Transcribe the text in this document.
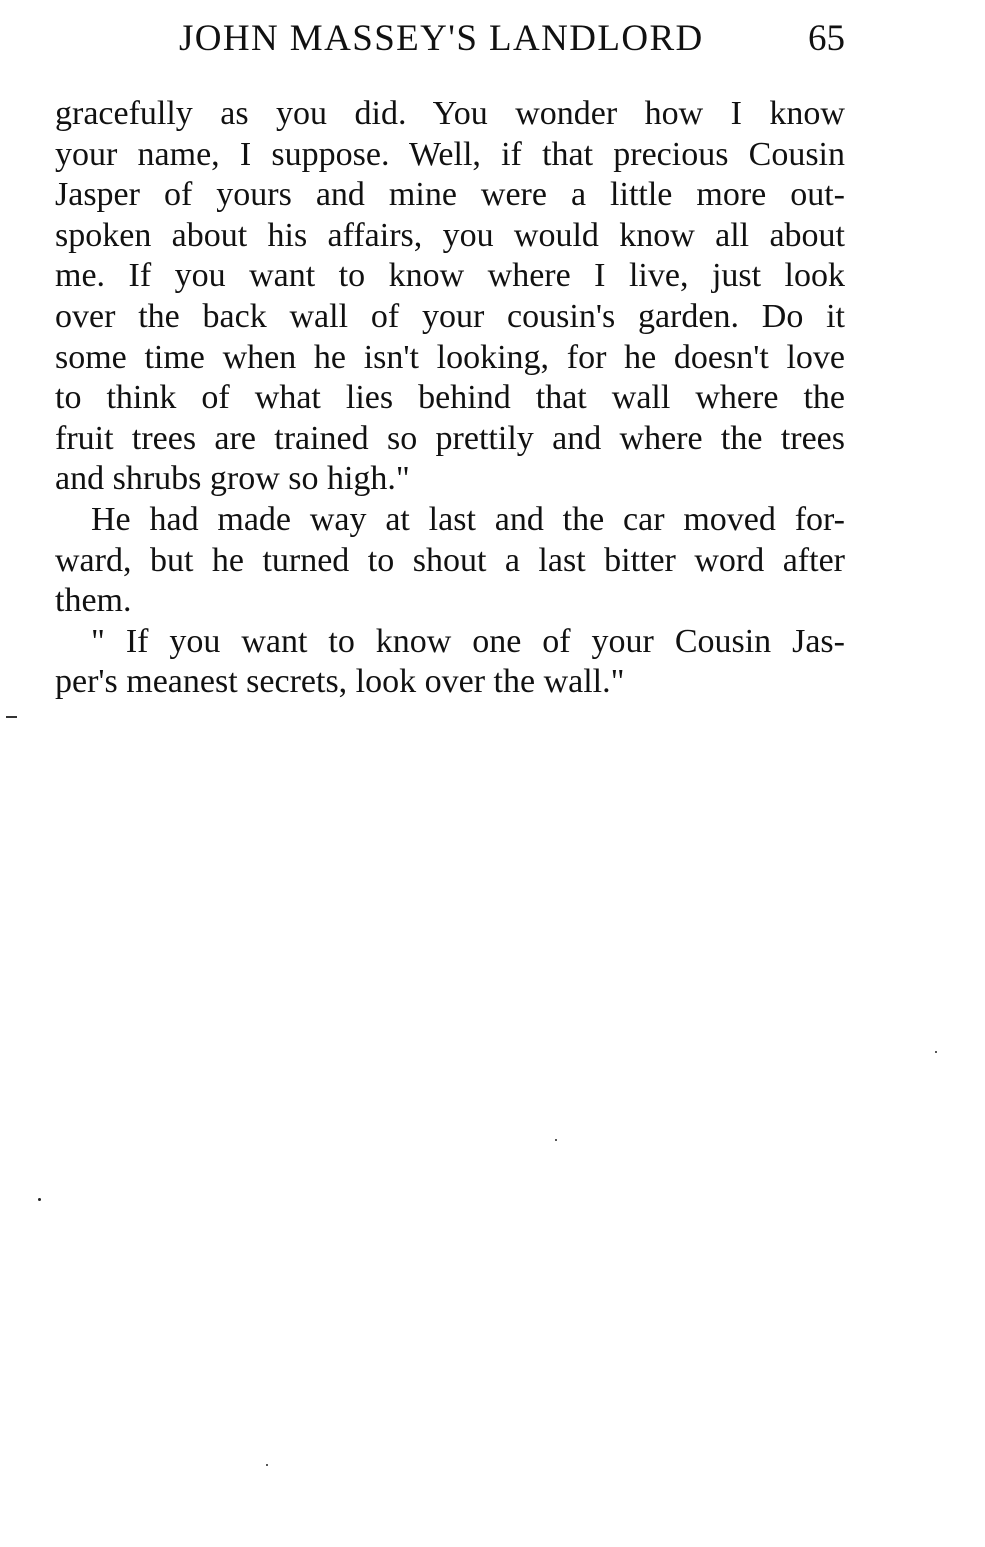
JOHN MASSEY'S LANDLORD	65
gracefully as you did. You wonder how I know
your name, I suppose. Well, if that precious Cousin
Jasper of yours and mine were a little more out-
spoken about his affairs, you would know all about
me. If you want to know where I live, just look
over the back wall of your cousin's garden. Do it
some time when he isn't looking, for he doesn't love
to think of what lies behind that wall where the
fruit trees are trained so prettily and where the trees
and shrubs grow so high."
He had made way at last and the car moved for-
ward, but he turned to shout a last bitter word after
them.
" If you want to know one of your Cousin Jas-
per's meanest secrets, look over the wall."
